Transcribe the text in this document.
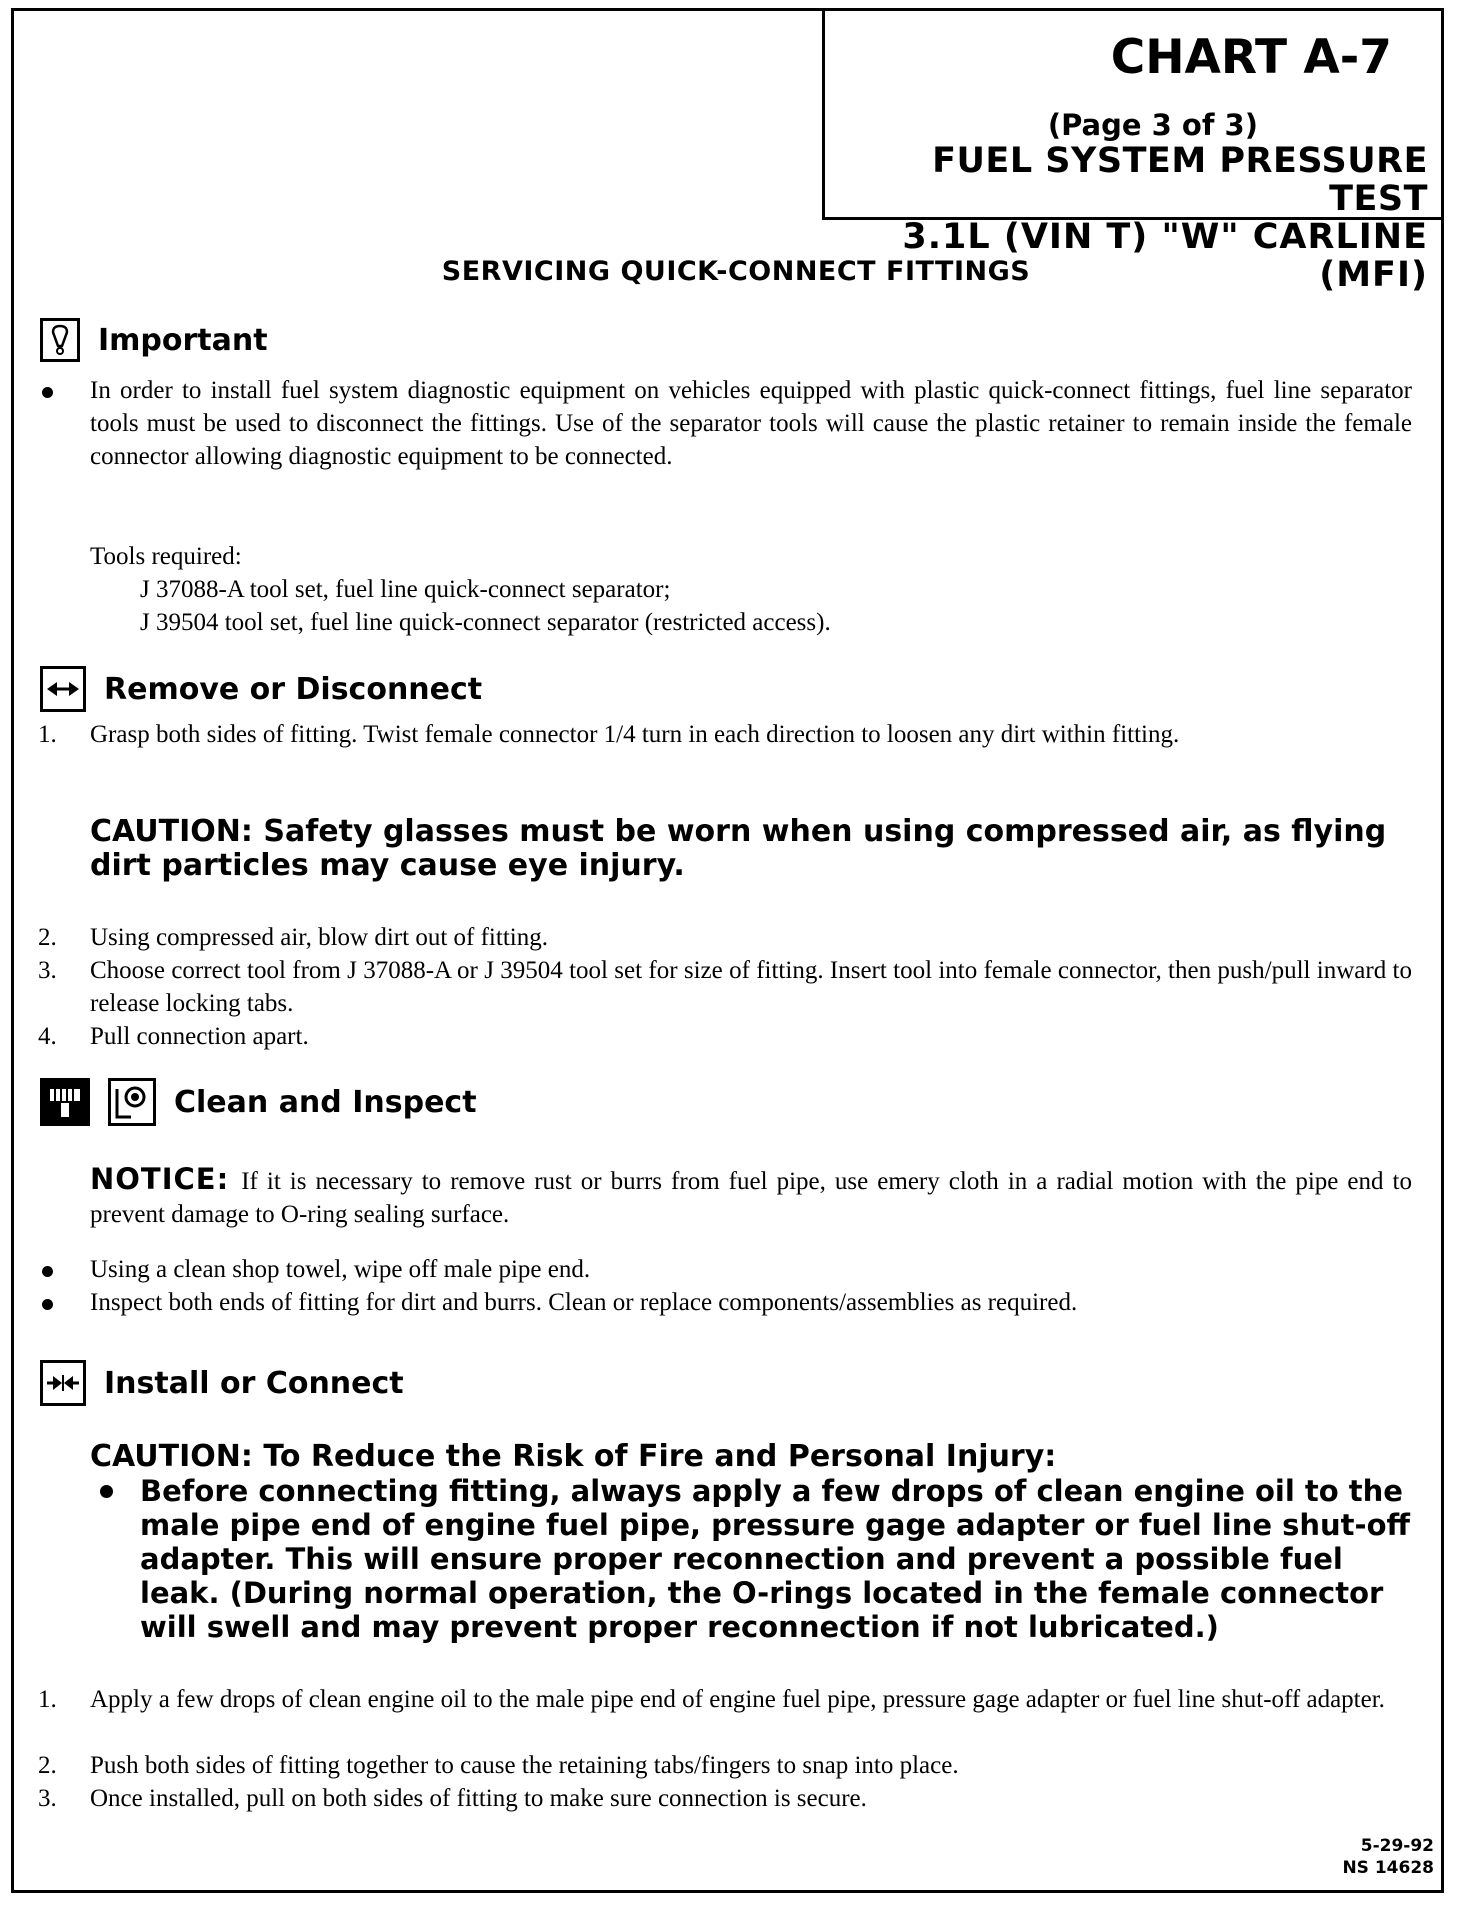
CHART A-7
(Page 3 of 3)
FUEL SYSTEM PRESSURE TEST
3.1L (VIN T) "W" CARLINE (MFI)
SERVICING QUICK-CONNECT FITTINGS
Important
In order to install fuel system diagnostic equipment on vehicles equipped with plastic quick-connect fittings, fuel line separator tools must be used to disconnect the fittings. Use of the separator tools will cause the plastic retainer to remain inside the female connector allowing diagnostic equipment to be connected.
Tools required:
J 37088-A tool set, fuel line quick-connect separator;
J 39504 tool set, fuel line quick-connect separator (restricted access).
Remove or Disconnect
1. Grasp both sides of fitting. Twist female connector 1/4 turn in each direction to loosen any dirt within fitting.
CAUTION: Safety glasses must be worn when using compressed air, as flying dirt particles may cause eye injury.
2. Using compressed air, blow dirt out of fitting.
3. Choose correct tool from J 37088-A or J 39504 tool set for size of fitting. Insert tool into female connector, then push/pull inward to release locking tabs.
4. Pull connection apart.
Clean and Inspect
NOTICE: If it is necessary to remove rust or burrs from fuel pipe, use emery cloth in a radial motion with the pipe end to prevent damage to O-ring sealing surface.
Using a clean shop towel, wipe off male pipe end.
Inspect both ends of fitting for dirt and burrs. Clean or replace components/assemblies as required.
Install or Connect
CAUTION: To Reduce the Risk of Fire and Personal Injury:
Before connecting fitting, always apply a few drops of clean engine oil to the male pipe end of engine fuel pipe, pressure gage adapter or fuel line shut-off adapter. This will ensure proper reconnection and prevent a possible fuel leak. (During normal operation, the O-rings located in the female connector will swell and may prevent proper reconnection if not lubricated.)
1. Apply a few drops of clean engine oil to the male pipe end of engine fuel pipe, pressure gage adapter or fuel line shut-off adapter.
2. Push both sides of fitting together to cause the retaining tabs/fingers to snap into place.
3. Once installed, pull on both sides of fitting to make sure connection is secure.
5-29-92
NS 14628
